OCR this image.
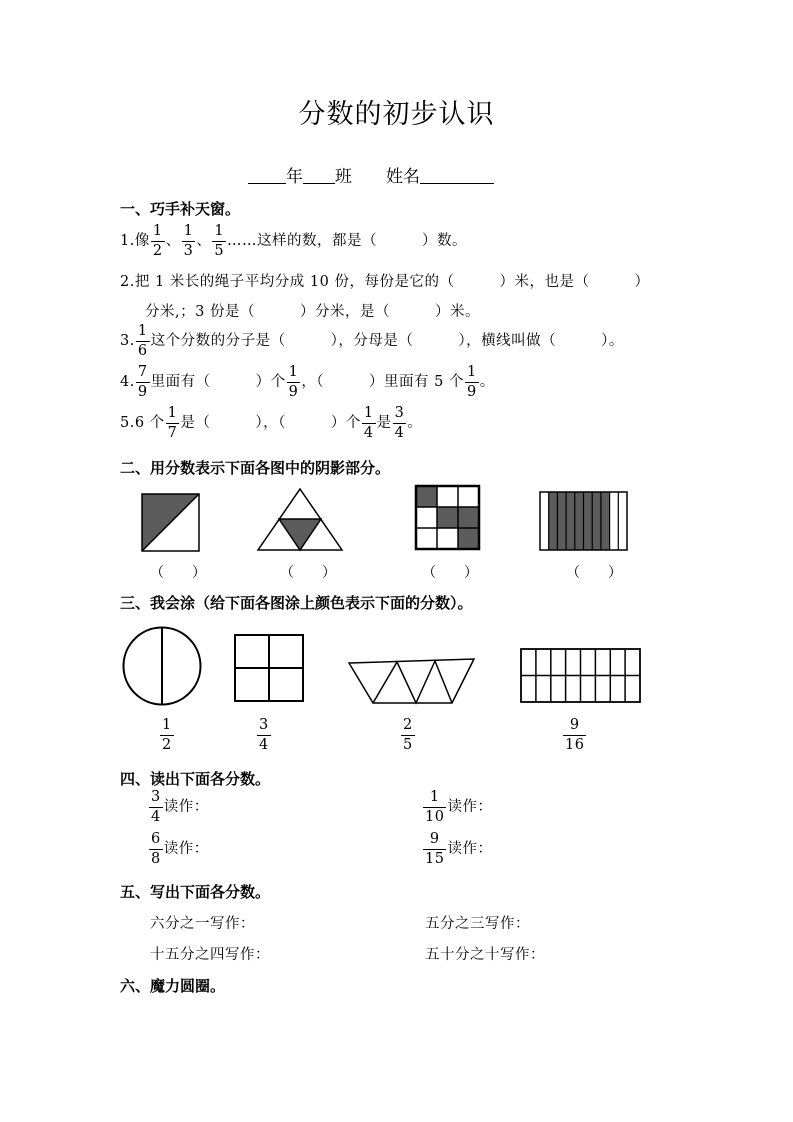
分数的初步认识
年 班 姓名
一、巧手补天窗。
1.像 $\frac{1}{2}$ 、 $\frac{1}{3}$ 、 $\frac{1}{5}$ ……这样的数，都是（　　　）数。
2.把 1 米长的绳子平均分成 10 份，每份是它的（　　　）米，也是（　　　）
分米,；3 份是（　　　）分米，是（　　　）米。
3. $\frac{1}{6}$ 这个分数的分子是（　　　），分母是（　　　），横线叫做（　　　）。
4. $\frac{7}{9}$ 里面有（　　　）个 $\frac{1}{9}$ ，（　　　）里面有 5 个 $\frac{1}{9}$ 。
5.6 个 $\frac{1}{7}$ 是（　　　），（　　　）个 $\frac{1}{4}$ 是 $\frac{3}{4}$ 。
二、用分数表示下面各图中的阴影部分。
（　　）	（　　）	（　　）	（　　）
三、我会涂（给下面各图涂上颜色表示下面的分数）。
$\frac{1}{2}$	$\frac{3}{4}$	$\frac{2}{5}$	$\frac{9}{16}$
四、读出下面各分数。
$\frac{3}{4}$ 读作：	$\frac{1}{10}$ 读作：
$\frac{6}{8}$ 读作：	$\frac{9}{15}$ 读作：
五、写出下面各分数。
六分之一写作：	五分之三写作：
十五分之四写作：	五十分之十写作：
六、魔力圆圈。
